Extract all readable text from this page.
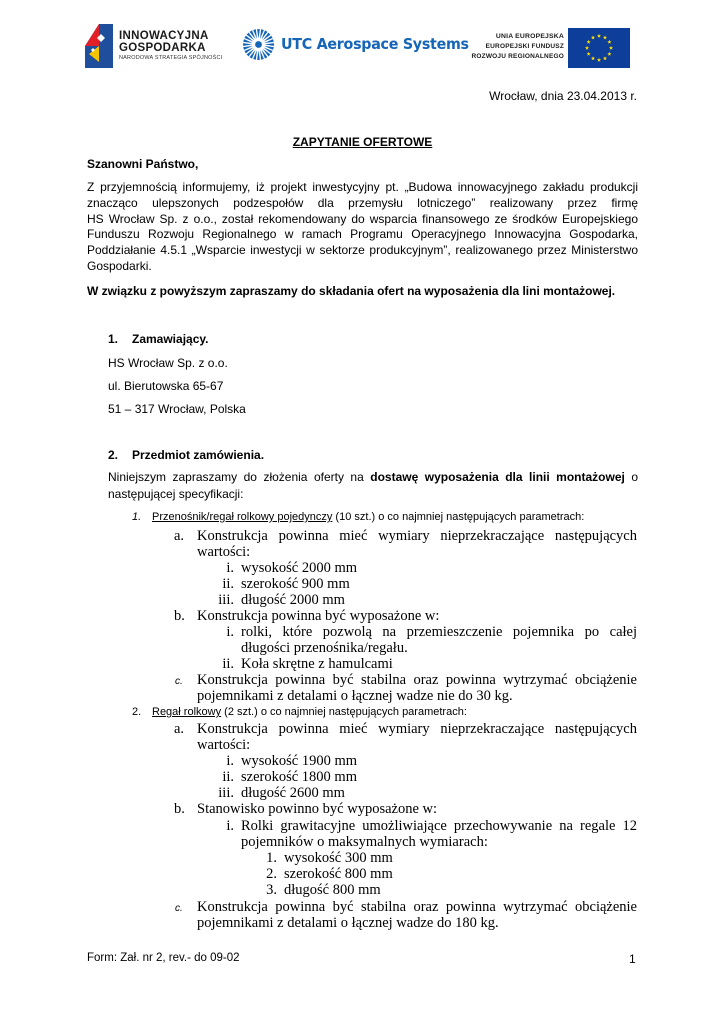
INNOWACYJNA
GOSPODARKA
NARODOWA STRATEGIA SPÓJNOŚCI
UTC Aerospace Systems	UNIA EUROPEJSKA
EUROPEJSKI FUNDUSZ
ROZWOJU REGIONALNEGO
Wrocław, dnia 23.04.2013 r.
ZAPYTANIE OFERTOWE
Szanowni Państwo,
Z przyjemnością informujemy, iż projekt inwestycyjny pt. „Budowa innowacyjnego zakładu produkcji
znacząco ulepszonych podzespołów dla przemysłu lotniczego” realizowany przez firmę
HS Wrocław Sp. z o.o., został rekomendowany do wsparcia finansowego ze środków Europejskiego
Funduszu Rozwoju Regionalnego w ramach Programu Operacyjnego Innowacyjna Gospodarka,
Poddziałanie 4.5.1 „Wsparcie inwestycji w sektorze produkcyjnym”, realizowanego przez Ministerstwo
Gospodarki.
W związku z powyższym zapraszamy do składania ofert na wyposażenia dla lini montażowej.
1. Zamawiający.
HS Wrocław Sp. z o.o.
ul. Bierutowska 65-67
51 – 317 Wrocław, Polska
2. Przedmiot zamówienia.
Niniejszym zapraszamy do złożenia oferty na dostawę wyposażenia dla linii montażowej o
następującej specyfikacji:
1. Przenośnik/regał rolkowy pojedynczy (10 szt.) o co najmniej następujących parametrach:
a. Konstrukcja powinna mieć wymiary nieprzekraczające następujących
wartości:
i. wysokość 2000 mm
ii. szerokość 900 mm
iii. długość 2000 mm
b. Konstrukcja powinna być wyposażone w:
i. rolki, które pozwolą na przemieszczenie pojemnika po całej
długości przenośnika/regału.
ii. Koła skrętne z hamulcami
c. Konstrukcja powinna być stabilna oraz powinna wytrzymać obciążenie
pojemnikami z detalami o łącznej wadze nie do 30 kg.
2. Regał rolkowy (2 szt.) o co najmniej następujących parametrach:
a. Konstrukcja powinna mieć wymiary nieprzekraczające następujących
wartości:
i. wysokość 1900 mm
ii. szerokość 1800 mm
iii. długość 2600 mm
b. Stanowisko powinno być wyposażone w:
i. Rolki grawitacyjne umożliwiające przechowywanie na regale 12
pojemników o maksymalnych wymiarach:
1. wysokość 300 mm
2. szerokość 800 mm
3. długość 800 mm
c. Konstrukcja powinna być stabilna oraz powinna wytrzymać obciążenie
pojemnikami z detalami o łącznej wadze do 180 kg.
Form: Zał. nr 2, rev.- do 09-02	1
